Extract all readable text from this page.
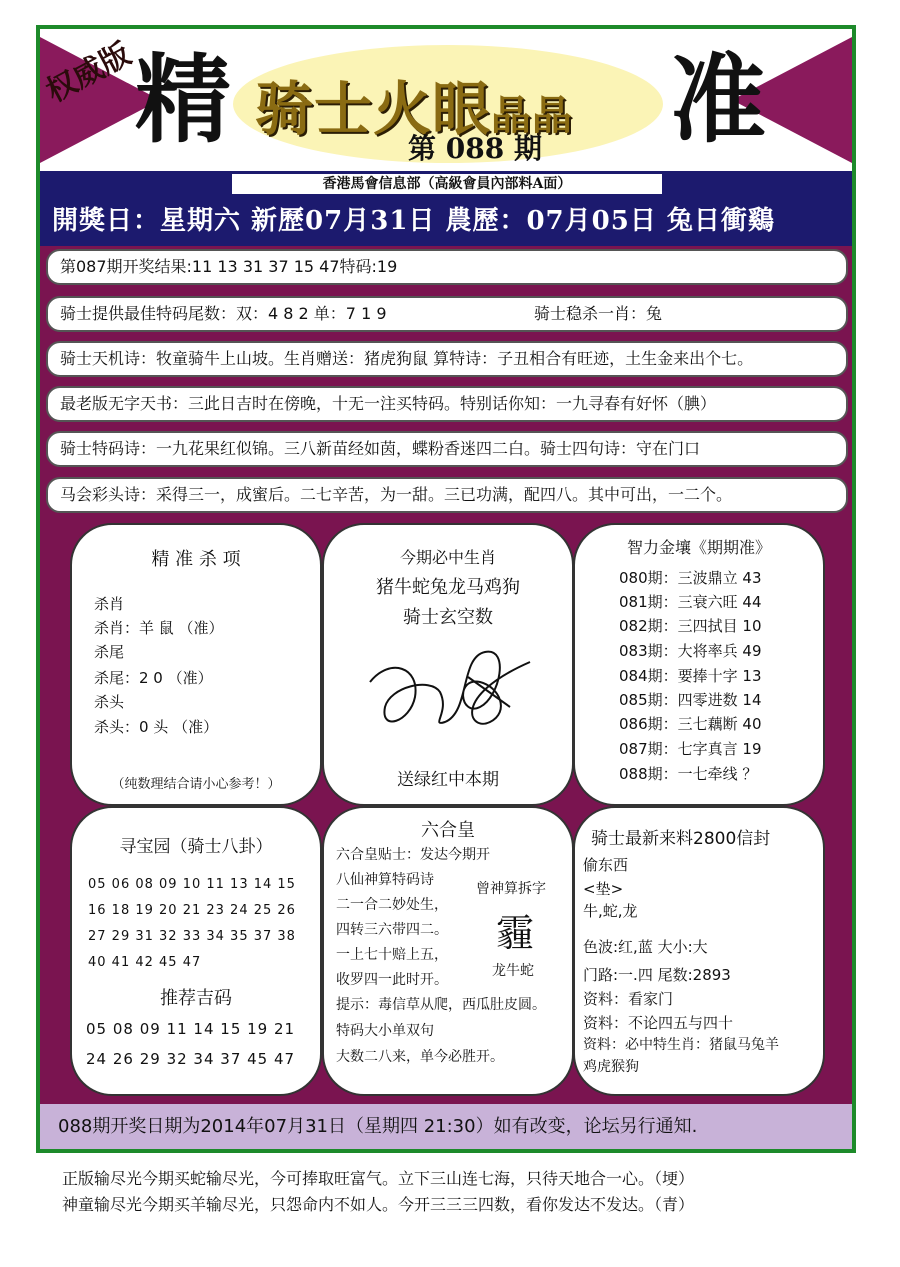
权威版
精	准
骑士火眼晶晶
第 088 期
香港馬會信息部（高級會員內部料A面）
開獎日：星期六 新歷07月31日 農歷：07月05日 兔日衝鷄
第087期开奖结果:11 13 31 37 15 47特码:19
骑士提供最佳特码尾数：双：4 8 2 单：7 1 9	骑士稳杀一肖：兔
骑士天机诗：牧童骑牛上山坡。生肖赠送：猪虎狗鼠 算特诗：子丑相合有旺迹，土生金来出个七。
最老版无字天书：三此日吉时在傍晚，十无一注买特码。特别话你知：一九寻春有好怀（腆）
骑士特码诗：一九花果红似锦。三八新苗经如茵，蝶粉香迷四二白。骑士四句诗：守在门口
马会彩头诗：采得三一，成蜜后。二七辛苦，为一甜。三已功满，配四八。其中可出，一二个。
精 准 杀 项
杀肖
杀肖：羊 鼠 （准）
杀尾
杀尾：2 0 （准）
杀头
杀头：0 头 （准）
（纯数理结合请小心参考！）
今期必中生肖
猪牛蛇兔龙马鸡狗
骑士玄空数
送绿红中本期
智力金壤《期期准》
080期：三波鼎立 43
081期：三衰六旺 44
082期：三四拭目 10
083期：大将率兵 49
084期：要捧十字 13
085期：四零进数 14
086期：三七藕断 40
087期：七字真言 19
088期：一七牵线 ？
寻宝园（骑士八卦）
05 06 08 09 10 11 13 14 15
16 18 19 20 21 23 24 25 26
27 29 31 32 33 34 35 37 38
40 41 42 45 47
推荐吉码
05 08 09 11 14 15 19 21
24 26 29 32 34 37 45 47
六合皇
六合皇贴士：发达今期开
八仙神算特码诗
二一合二妙处生，
四转三六带四二。
一上七十赔上五，
收罗四一此时开。
提示：毒信草从爬，西瓜肚皮圆。
特码大小单双句
大数二八来，单今必胜开。
曾神算拆字
霾
龙牛蛇
骑士最新来料2800信封
偷东西
<垫>
牛,蛇,龙
色波:红,蓝 大小:大
门路:一.四 尾数:2893
资料：看家门
资料：不论四五与四十
资料：必中特生肖：猪鼠马兔羊
鸡虎猴狗
088期开奖日期为2014年07月31日（星期四 21:30）如有改变，论坛另行通知.
正版输尽光今期买蛇输尽光，今可捧取旺富气。立下三山连七海，只待天地合一心。（埂）
神童输尽光今期买羊输尽光，只怨命内不如人。今开三三三四数，看你发达不发达。（青）
